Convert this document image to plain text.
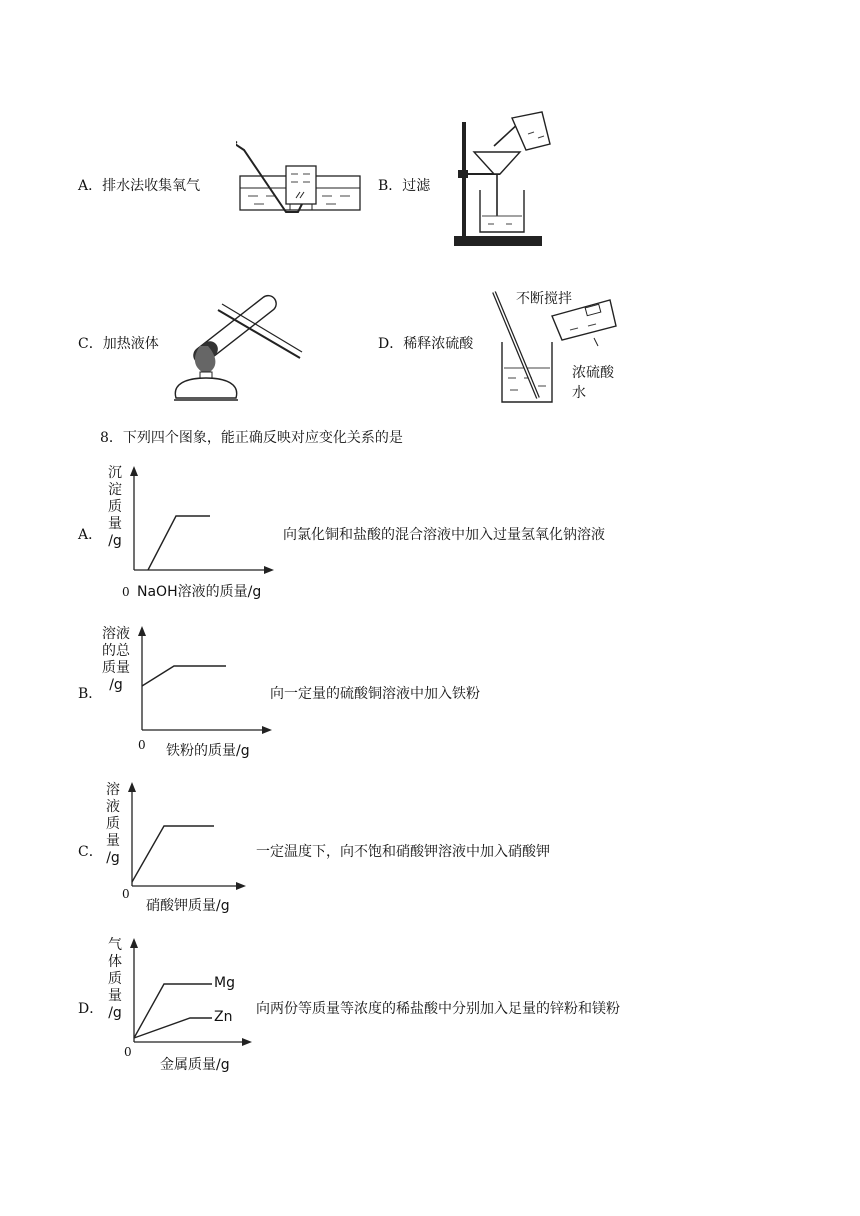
A．排水法收集氧气	B．过滤
C．加热液体	D．稀释浓硫酸
不断搅拌
浓硫酸
水
8．下列四个图象，能正确反映对应变化关系的是
A．
沉
淀
质
量
/g
0 NaOH溶液的质量/g
向氯化铜和盐酸的混合溶液中加入过量氢氧化钠溶液
B．
溶液
的总
质量
/g
0 铁粉的质量/g
向一定量的硫酸铜溶液中加入铁粉
C．
溶
液
质
量
/g
0
硝酸钾质量/g
一定温度下，向不饱和硝酸钾溶液中加入硝酸钾
D．
气
体
质
量
/g
Mg
Zn
0
金属质量/g
向两份等质量等浓度的稀盐酸中分别加入足量的锌粉和镁粉
